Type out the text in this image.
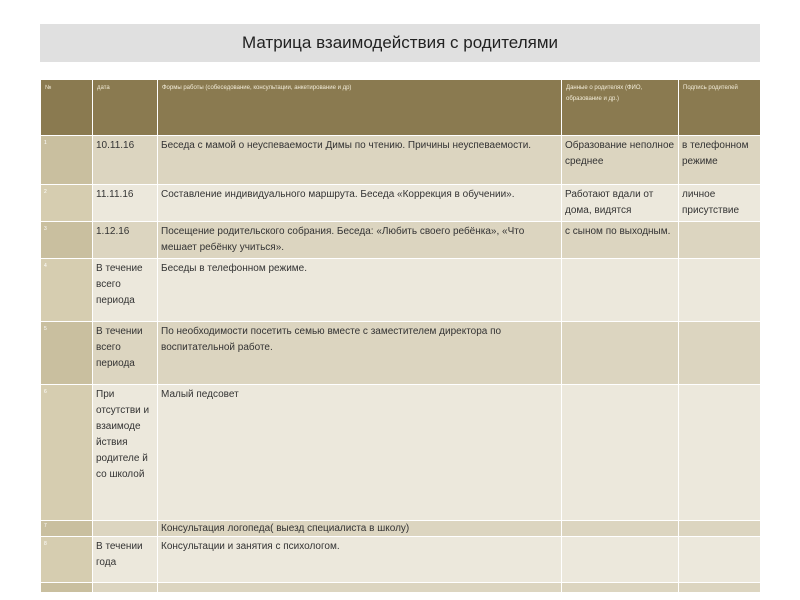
Матрица взаимодействия с родителями
№	дата	Формы работы (собеседование, консультации, анкетирование и др)	Данные о родителях (ФИО, образование и др.)	Подпись родителей
1	10.11.16	Беседа с мамой о неуспеваемости Димы по чтению. Причины неуспеваемости.	Образование неполное среднее	в телефонном режиме
2	11.11.16	Составление индивидуального маршрута. Беседа «Коррекция в обучении».	Работают вдали от дома, видятся	личное присутствие
3	1.12.16	Посещение родительского собрания. Беседа: «Любить своего ребёнка», «Что мешает ребёнку учиться».	с сыном по выходным.	
4	В течение всего периода	Беседы в телефонном режиме.		
5	В течении всего периода	По необходимости посетить семью вместе с заместителем директора по воспитательной работе.		
6	При отсутстви и взаимоде йствия родителе й со школой	Малый педсовет		
7		Консультация логопеда( выезд специалиста в школу)		
8	В течении года	Консультации и занятия с психологом.		
